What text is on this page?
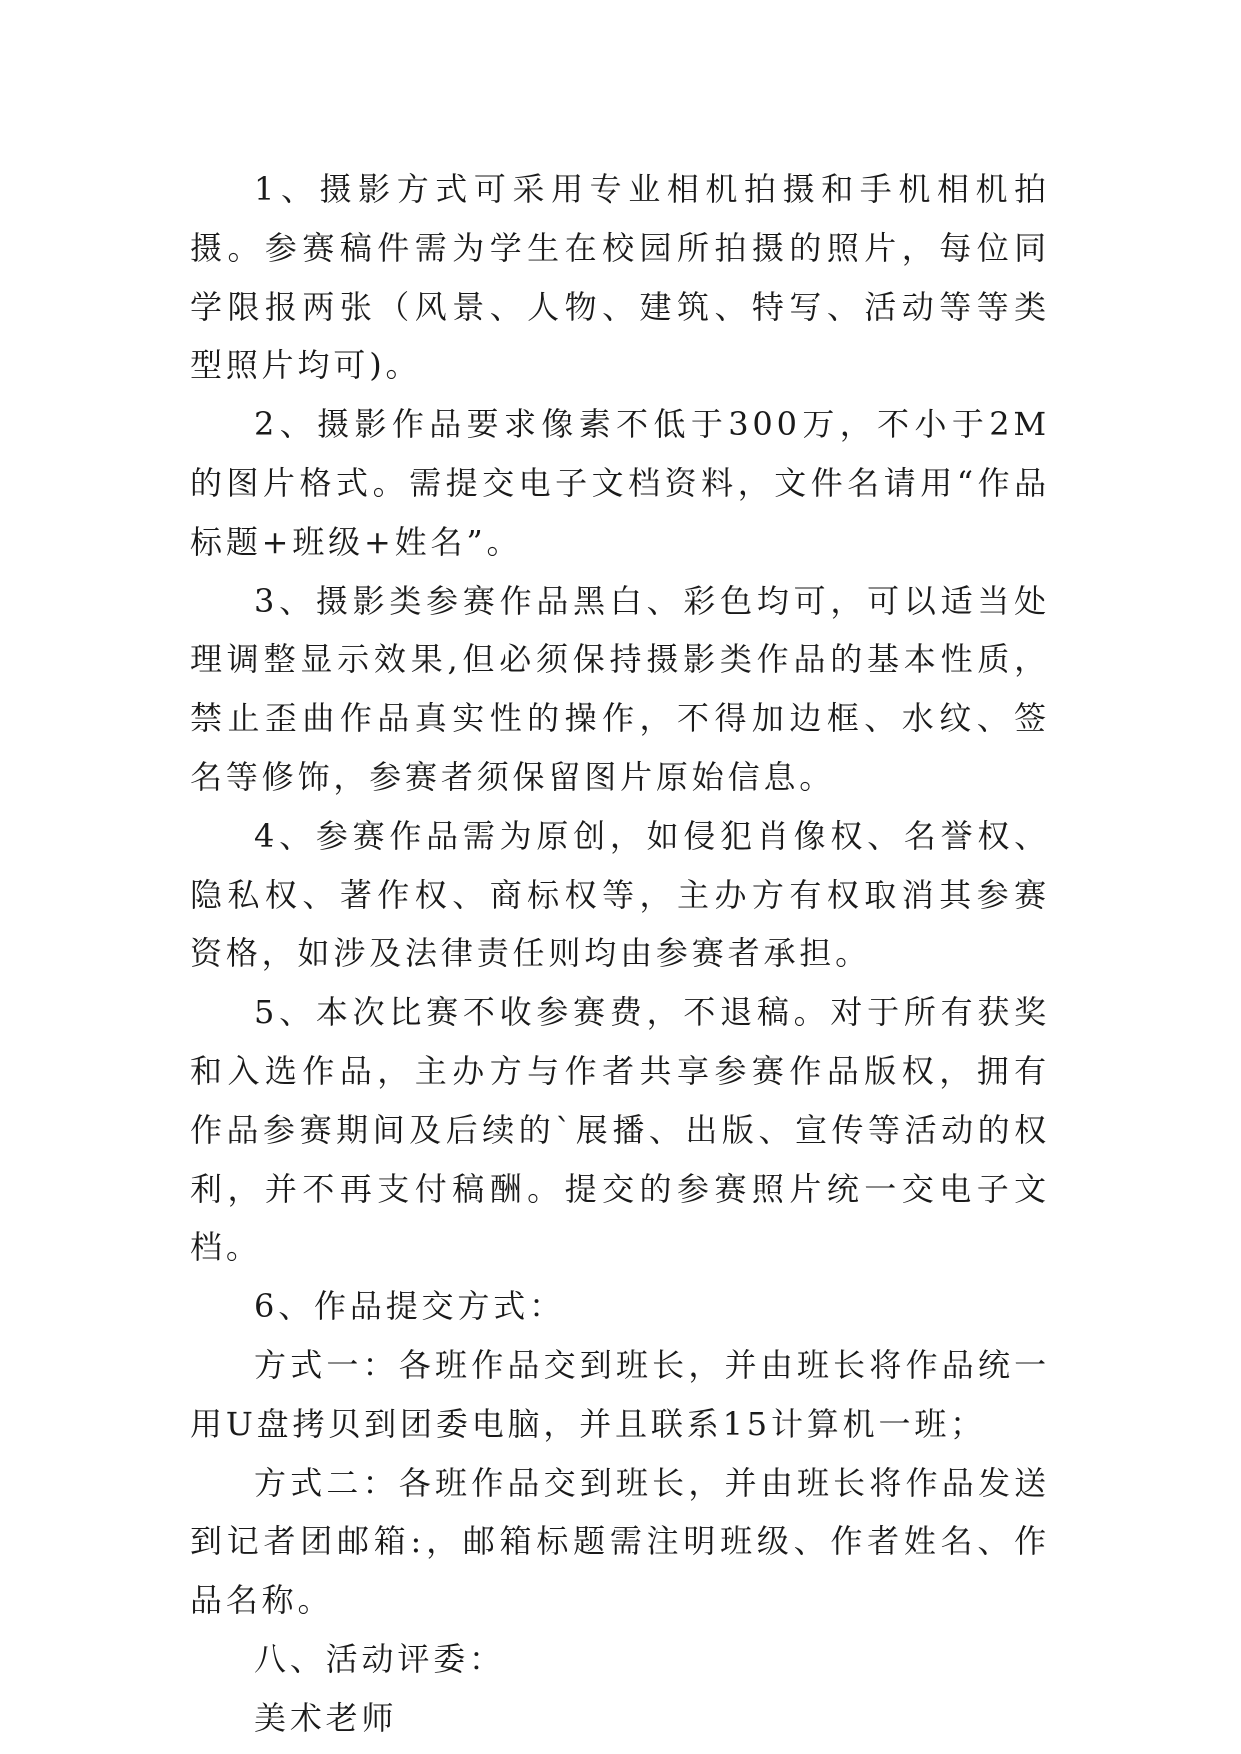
1、摄影方式可采用专业相机拍摄和手机相机拍摄。参赛稿件需为学生在校园所拍摄的照片，每位同学限报两张（风景、人物、建筑、特写、活动等等类型照片均可)。

2、摄影作品要求像素不低于300万，不小于2M的图片格式。需提交电子文档资料，文件名请用“作品标题+班级+姓名”。

3、摄影类参赛作品黑白、彩色均可，可以适当处理调整显示效果,但必须保持摄影类作品的基本性质，禁止歪曲作品真实性的操作，不得加边框、水纹、签名等修饰，参赛者须保留图片原始信息。

4、参赛作品需为原创，如侵犯肖像权、名誉权、隐私权、著作权、商标权等，主办方有权取消其参赛资格，如涉及法律责任则均由参赛者承担。

5、本次比赛不收参赛费，不退稿。对于所有获奖和入选作品，主办方与作者共享参赛作品版权，拥有作品参赛期间及后续的`展播、出版、宣传等活动的权利，并不再支付稿酬。提交的参赛照片统一交电子文档。

6、作品提交方式：

方式一：各班作品交到班长，并由班长将作品统一用U盘拷贝到团委电脑，并且联系15计算机一班；

方式二：各班作品交到班长，并由班长将作品发送到记者团邮箱:，邮箱标题需注明班级、作者姓名、作品名称。

八、活动评委：

美术老师
